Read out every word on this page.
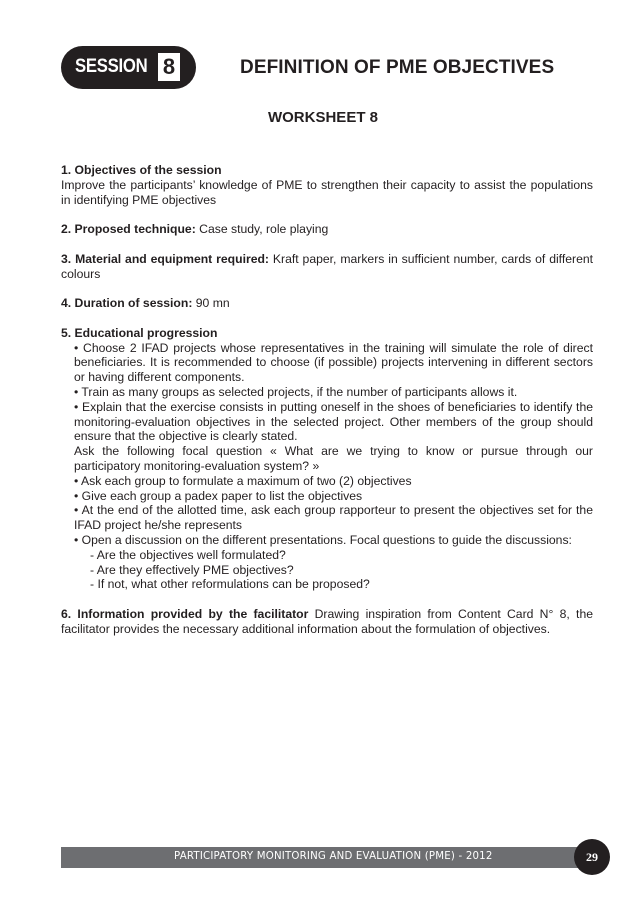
SESSION 8	DEFINITION OF PME OBJECTIVES
WORKSHEET 8

1. Objectives of the session
Improve the participants’ knowledge of PME to strengthen their capacity to assist the populations in identifying PME objectives

2. Proposed technique: Case study, role playing

3. Material and equipment required: Kraft paper, markers in sufficient number, cards of different colours

4. Duration of session: 90 mn

5. Educational progression

• Choose 2 IFAD projects whose representatives in the training will simulate the role of direct beneficiaries. It is recommended to choose (if possible) projects intervening in different sectors or having different components.

• Train as many groups as selected projects, if the number of participants allows it.

• Explain that the exercise consists in putting oneself in the shoes of beneficiaries to identify the monitoring-evaluation objectives in the selected project. Other members of the group should ensure that the objective is clearly stated.

Ask the following focal question « What are we trying to know or pursue through our participatory monitoring-evaluation system? »

• Ask each group to formulate a maximum of two (2) objectives

• Give each group a padex paper to list the objectives

• At the end of the allotted time, ask each group rapporteur to present the objectives set for the IFAD project he/she represents

• Open a discussion on the different presentations. Focal questions to guide the discussions:

- Are the objectives well formulated?

- Are they effectively PME objectives?

- If not, what other reformulations can be proposed?

6. Information provided by the facilitator Drawing inspiration from Content Card N° 8, the facilitator provides the necessary additional information about the formulation of objectives.

PARTICIPATORY MONITORING AND EVALUATION (PME) - 2012	29
